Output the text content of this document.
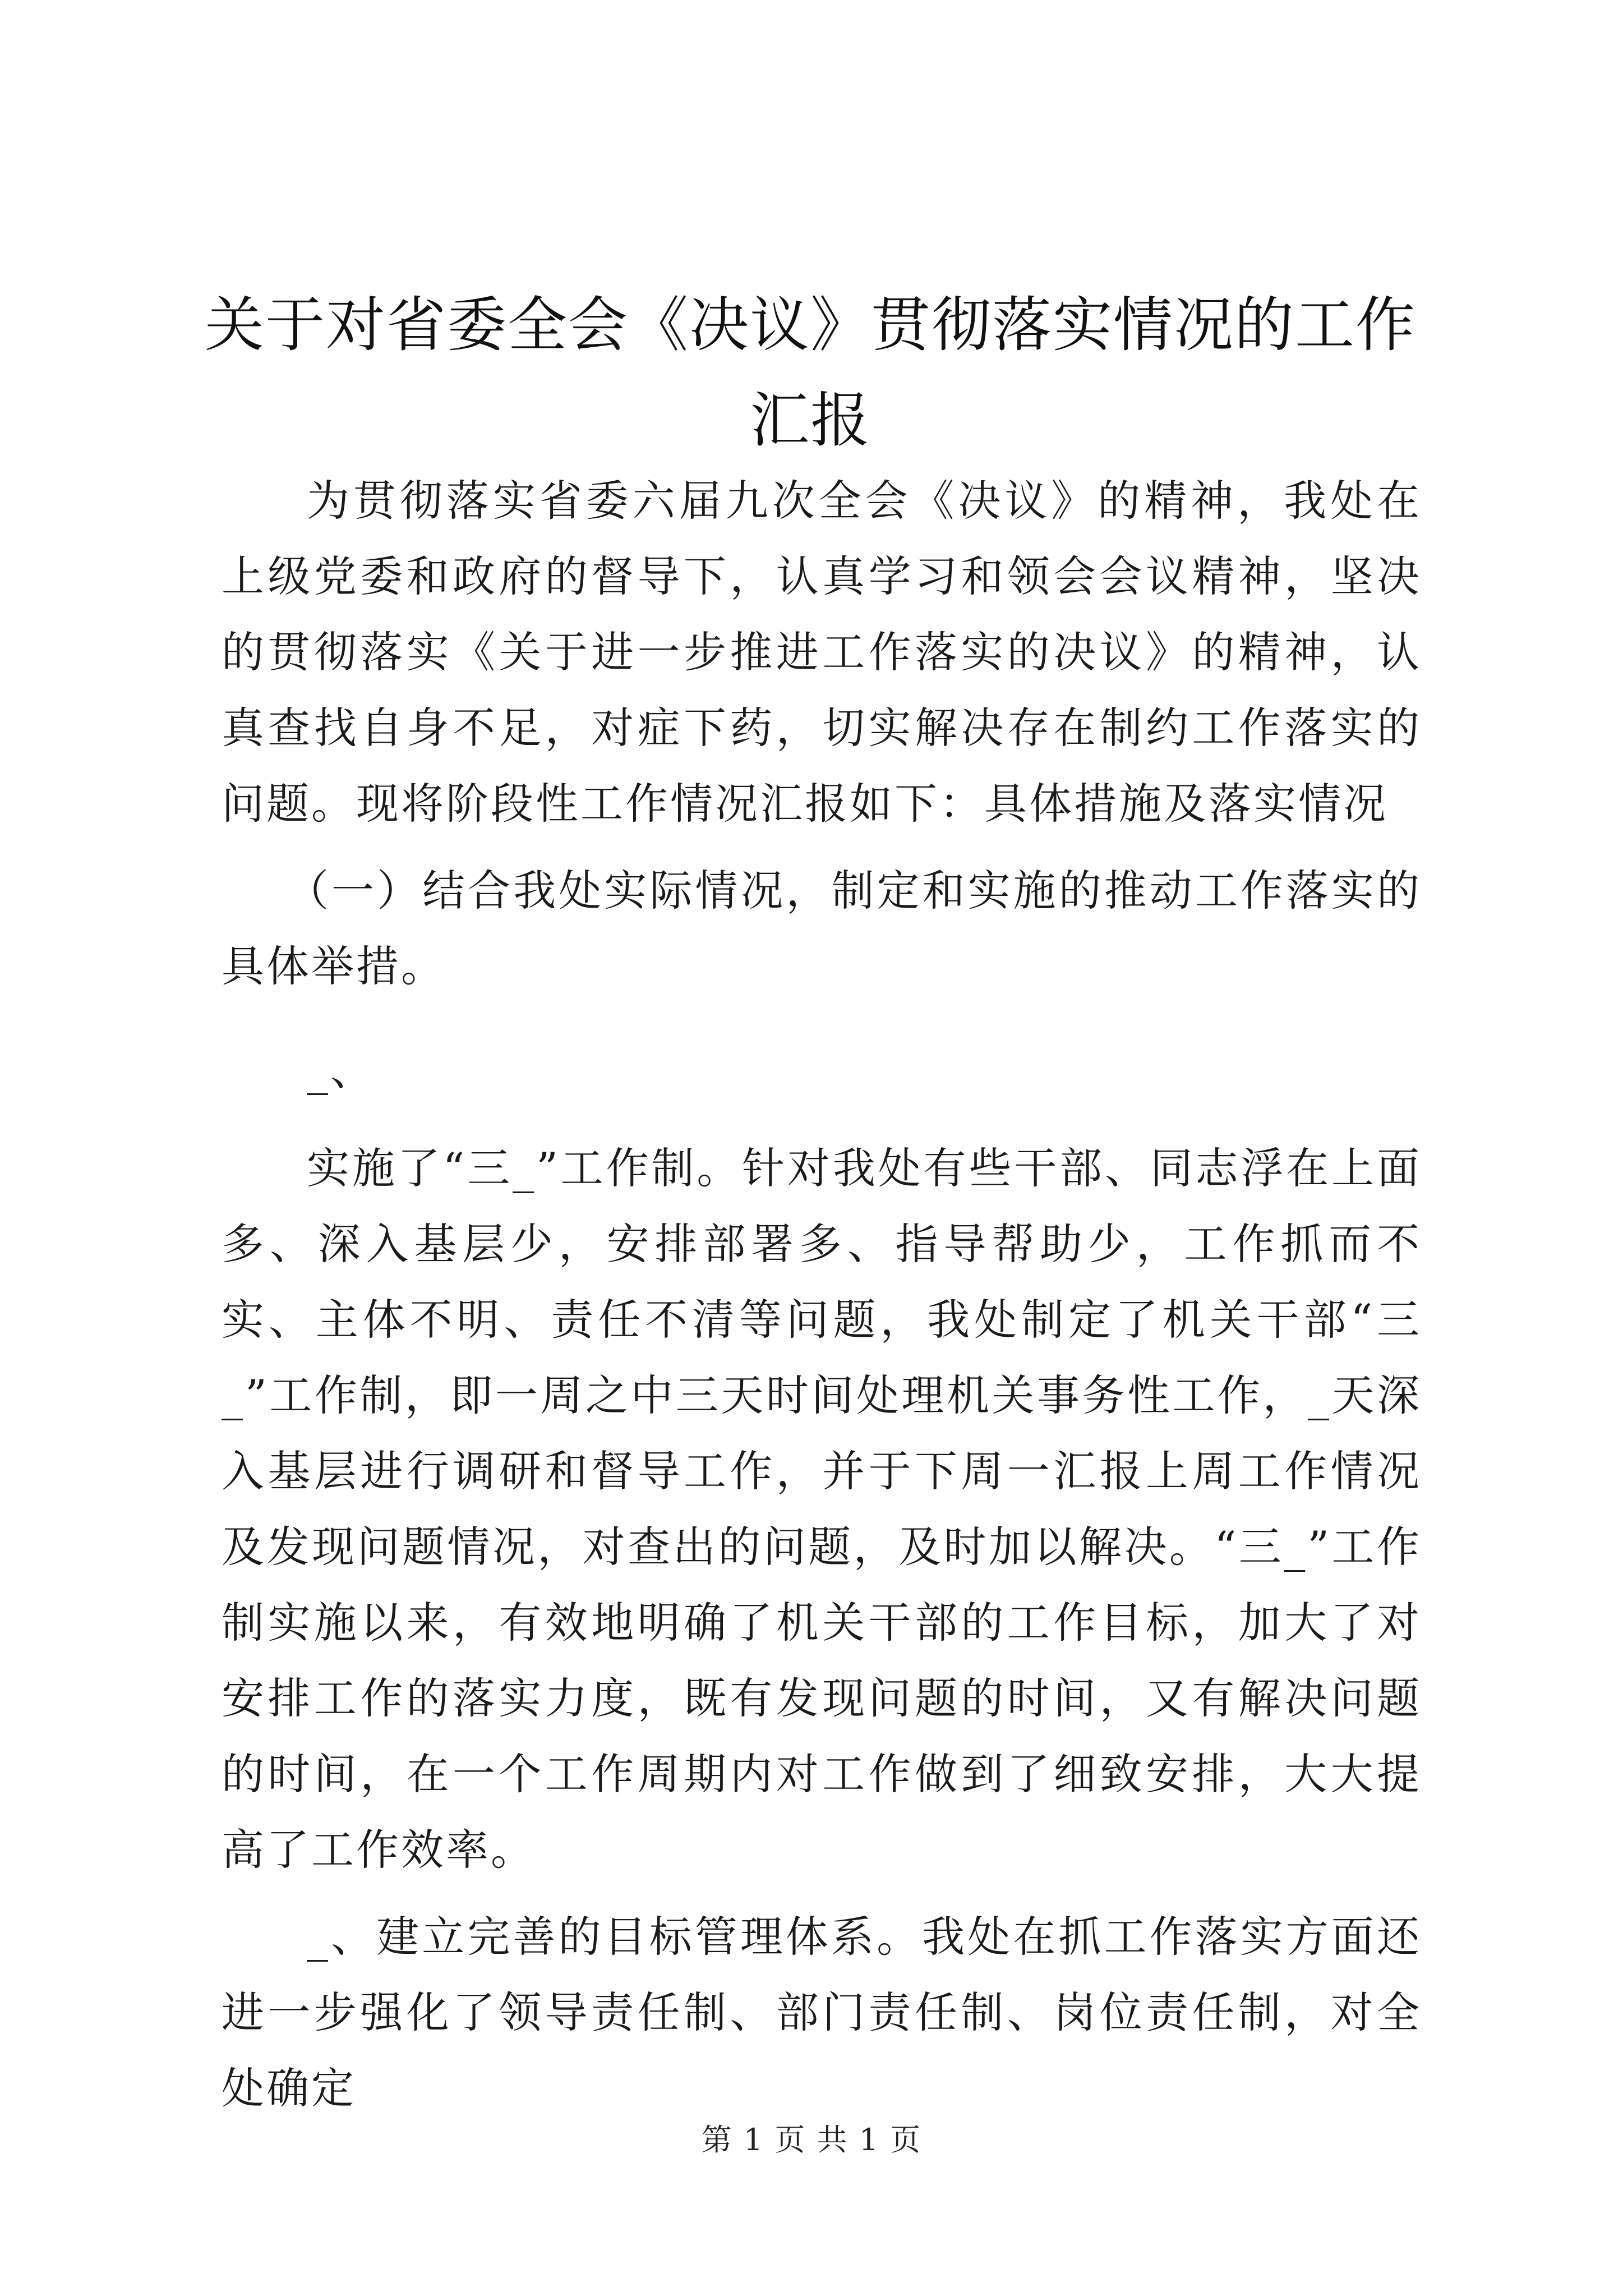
关于对省委全会《决议》贯彻落实情况的工作汇报

为贯彻落实省委六届九次全会《决议》的精神，我处在上级党委和政府的督导下，认真学习和领会会议精神，坚决的贯彻落实《关于进一步推进工作落实的决议》的精神，认真查找自身不足，对症下药，切实解决存在制约工作落实的问题。现将阶段性工作情况汇报如下：具体措施及落实情况

（一）结合我处实际情况，制定和实施的推动工作落实的具体举措。

_、

实施了“三_”工作制。针对我处有些干部、同志浮在上面多、深入基层少，安排部署多、指导帮助少，工作抓而不实、主体不明、责任不清等问题，我处制定了机关干部“三_”工作制，即一周之中三天时间处理机关事务性工作，_天深入基层进行调研和督导工作，并于下周一汇报上周工作情况及发现问题情况，对查出的问题，及时加以解决。“三_”工作制实施以来，有效地明确了机关干部的工作目标，加大了对安排工作的落实力度，既有发现问题的时间，又有解决问题的时间，在一个工作周期内对工作做到了细致安排，大大提高了工作效率。

_、建立完善的目标管理体系。我处在抓工作落实方面还进一步强化了领导责任制、部门责任制、岗位责任制，对全处确定

第 1 页 共 1 页
